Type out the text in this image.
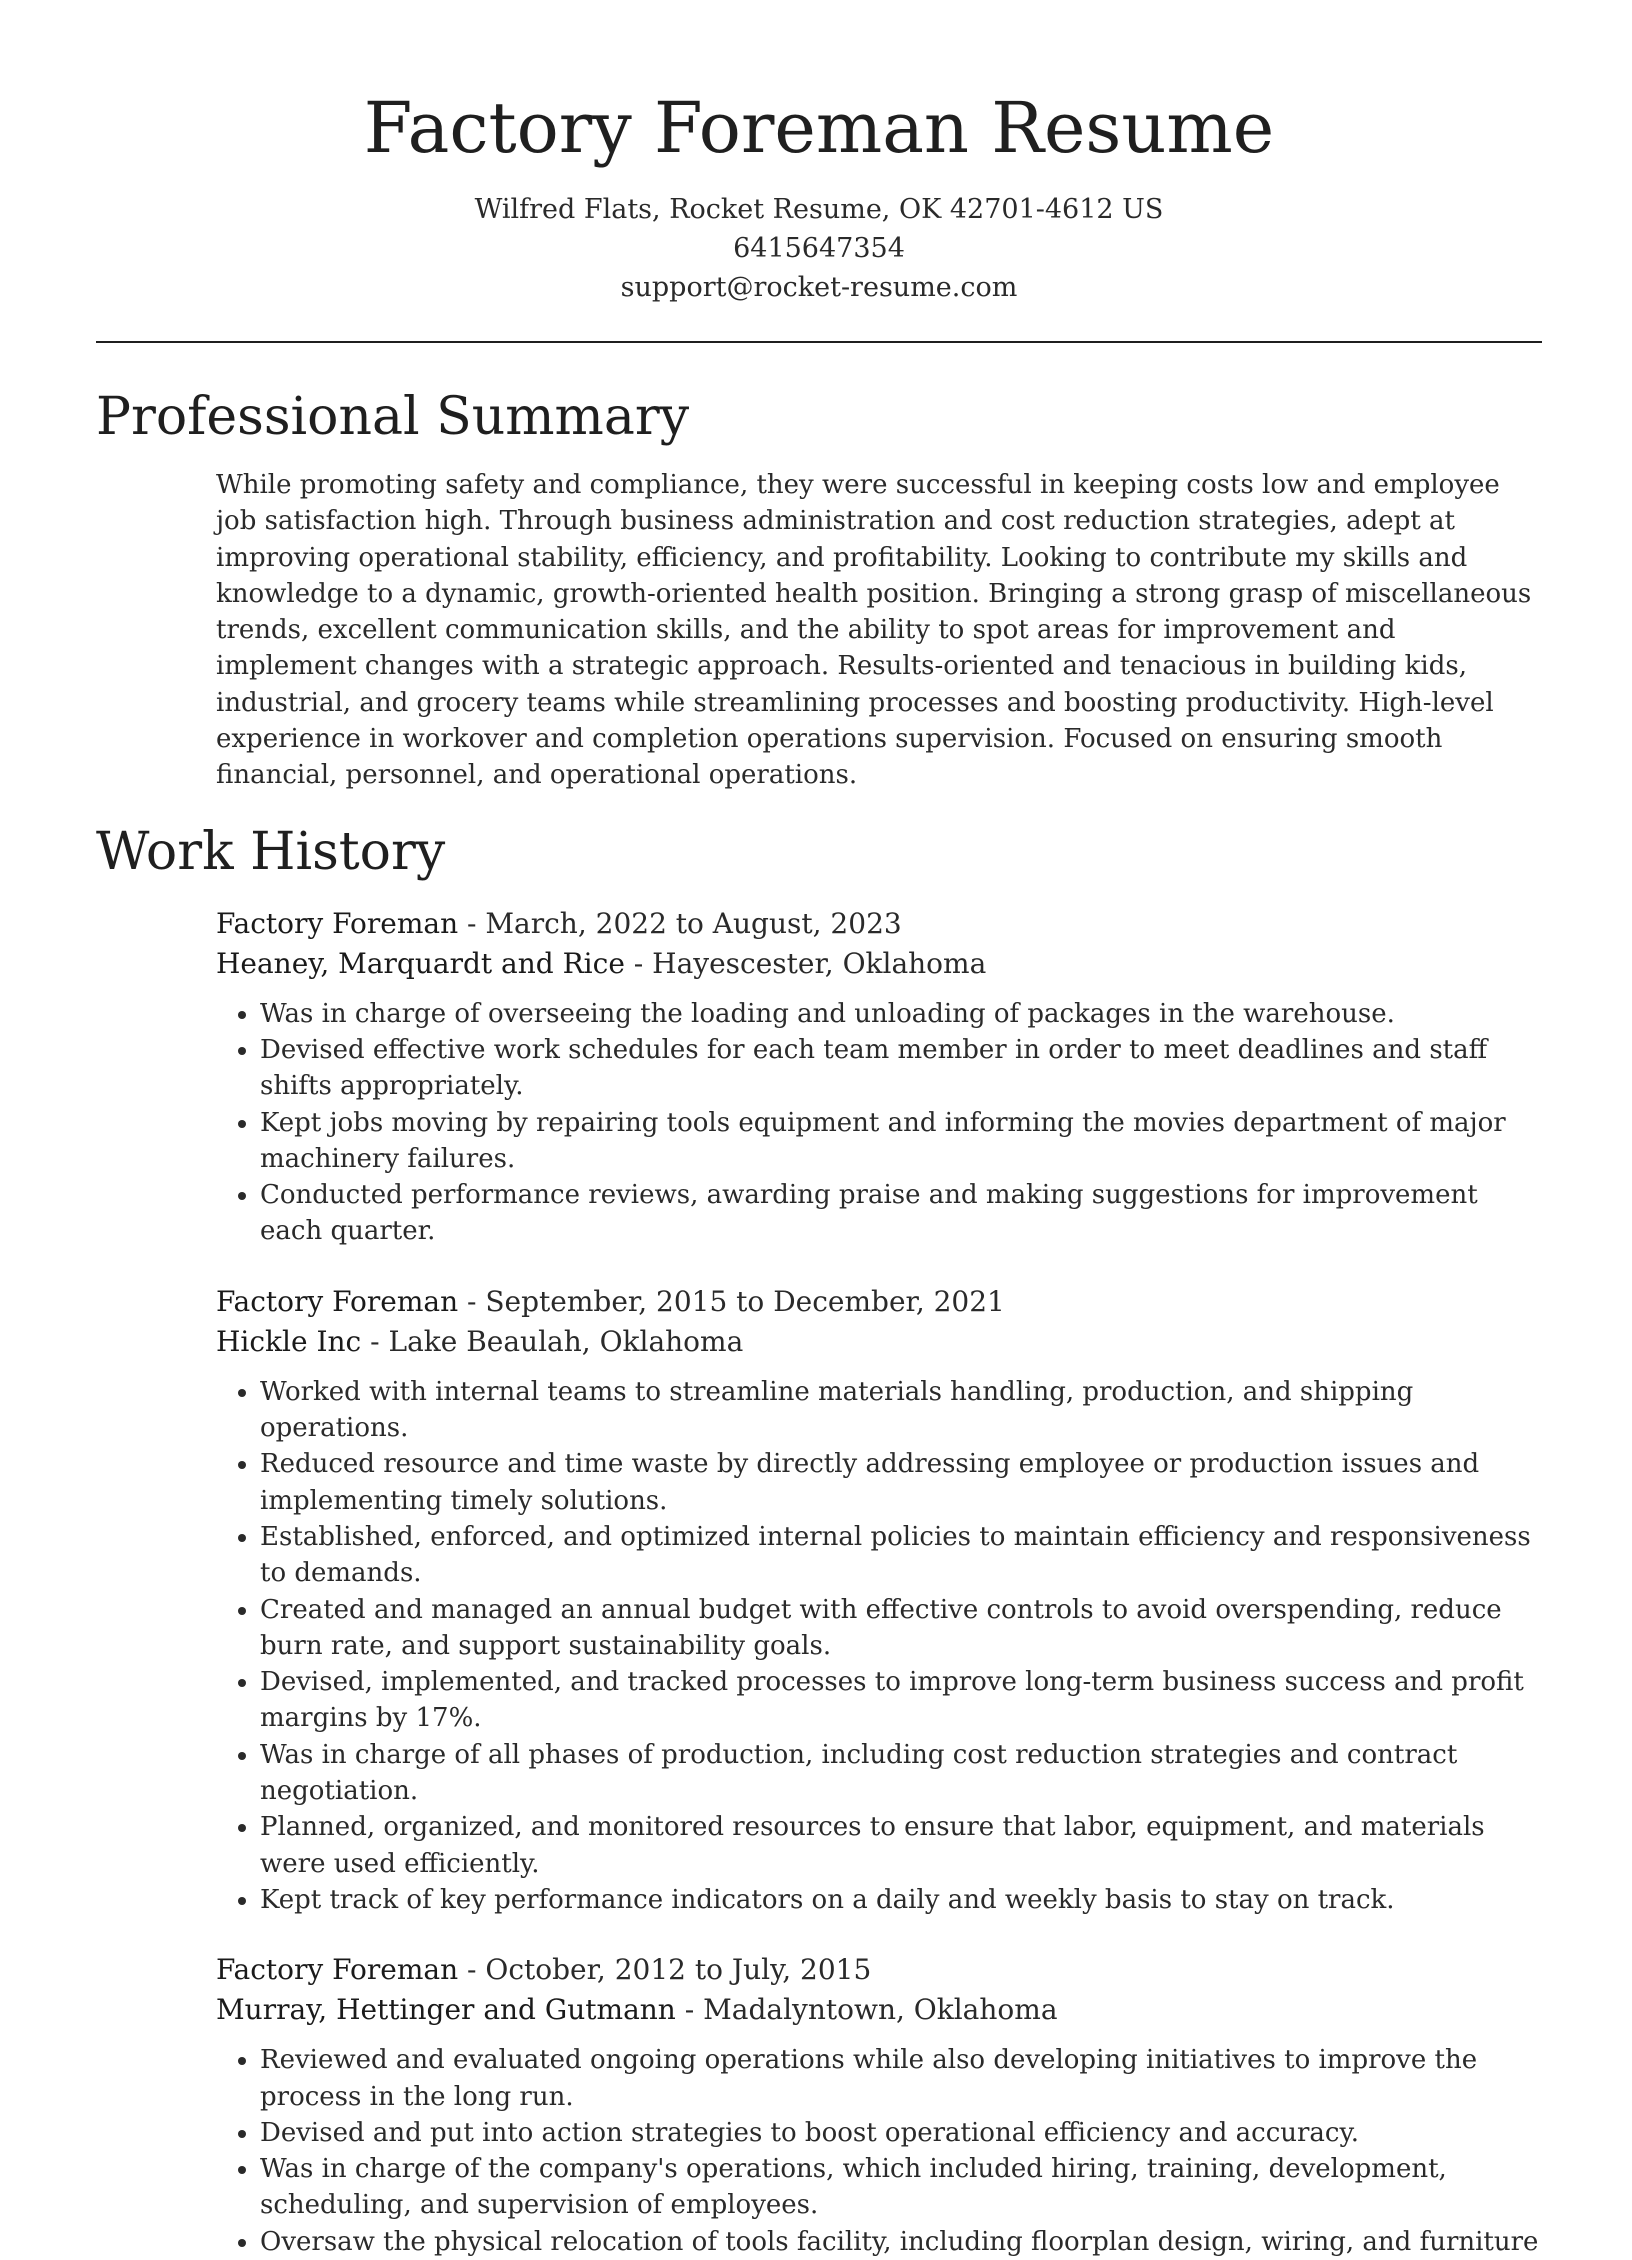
Factory Foreman Resume
Wilfred Flats, Rocket Resume, OK 42701-4612 US
6415647354
support@rocket-resume.com
Professional Summary

While promoting safety and compliance, they were successful in keeping costs low and employee job satisfaction high. Through business administration and cost reduction strategies, adept at improving operational stability, efficiency, and profitability. Looking to contribute my skills and knowledge to a dynamic, growth-oriented health position. Bringing a strong grasp of miscellaneous trends, excellent communication skills, and the ability to spot areas for improvement and implement changes with a strategic approach. Results-oriented and tenacious in building kids, industrial, and grocery teams while streamlining processes and boosting productivity. High-level experience in workover and completion operations supervision. Focused on ensuring smooth financial, personnel, and operational operations.

Work History
Factory Foreman - March, 2022 to August, 2023
Heaney, Marquardt and Rice - Hayescester, Oklahoma
• Was in charge of overseeing the loading and unloading of packages in the warehouse.
• Devised effective work schedules for each team member in order to meet deadlines and staff shifts appropriately.
• Kept jobs moving by repairing tools equipment and informing the movies department of major machinery failures.
• Conducted performance reviews, awarding praise and making suggestions for improvement each quarter.
Factory Foreman - September, 2015 to December, 2021
Hickle Inc - Lake Beaulah, Oklahoma
• Worked with internal teams to streamline materials handling, production, and shipping operations.
• Reduced resource and time waste by directly addressing employee or production issues and implementing timely solutions.
• Established, enforced, and optimized internal policies to maintain efficiency and responsiveness to demands.
• Created and managed an annual budget with effective controls to avoid overspending, reduce burn rate, and support sustainability goals.
• Devised, implemented, and tracked processes to improve long-term business success and profit margins by 17%.
• Was in charge of all phases of production, including cost reduction strategies and contract negotiation.
• Planned, organized, and monitored resources to ensure that labor, equipment, and materials were used efficiently.
• Kept track of key performance indicators on a daily and weekly basis to stay on track.
Factory Foreman - October, 2012 to July, 2015
Murray, Hettinger and Gutmann - Madalyntown, Oklahoma
• Reviewed and evaluated ongoing operations while also developing initiatives to improve the process in the long run.
• Devised and put into action strategies to boost operational efficiency and accuracy.
• Was in charge of the company's operations, which included hiring, training, development, scheduling, and supervision of employees.
• Oversaw the physical relocation of tools facility, including floorplan design, wiring, and furniture
